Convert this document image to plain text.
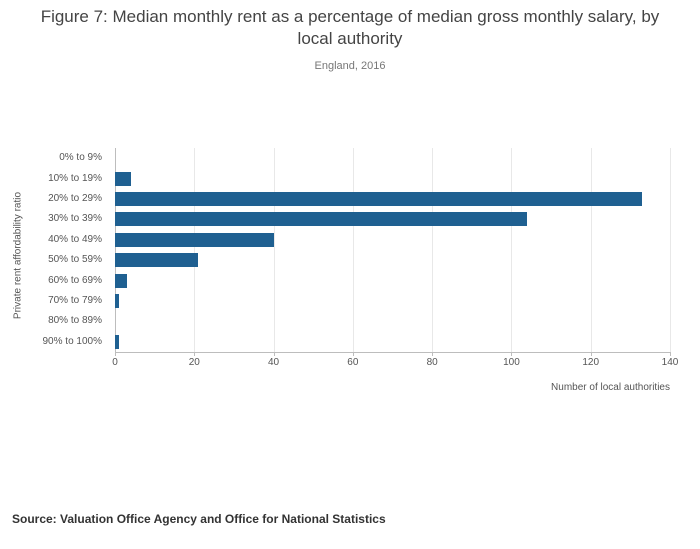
Figure 7: Median monthly rent as a percentage of median gross monthly salary, by local authority
England, 2016
0% to 9%
10% to 19%
20% to 29%
30% to 39%
40% to 49%
50% to 59%
60% to 69%
70% to 79%
80% to 89%
90% to 100%
0	20	40	60	80	100	120	140
Private rent affordability ratio
Number of local authorities
Source: Valuation Office Agency and Office for National Statistics
